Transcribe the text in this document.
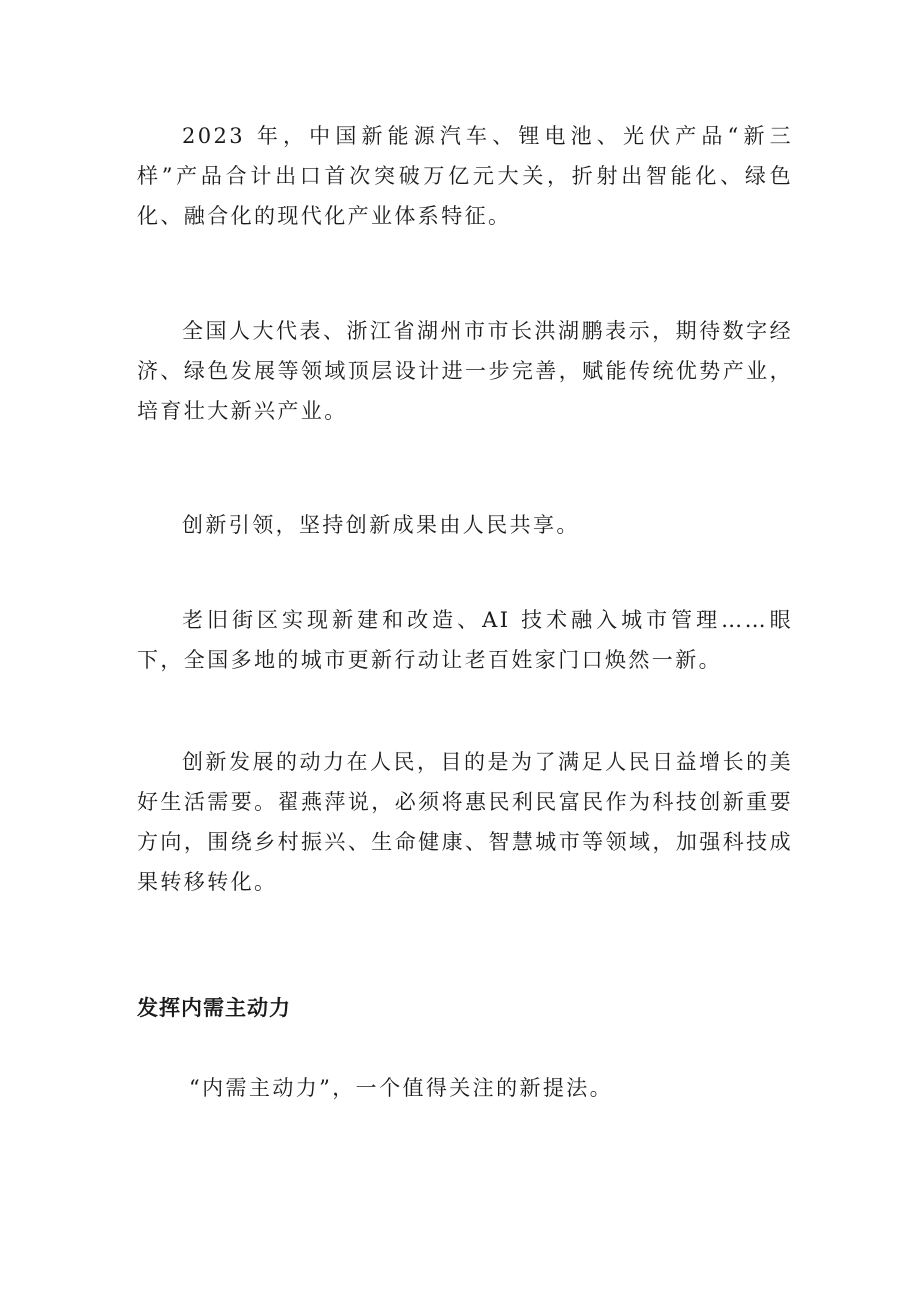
2023 年，中国新能源汽车、锂电池、光伏产品“新三样”产品合计出口首次突破万亿元大关，折射出智能化、绿色化、融合化的现代化产业体系特征。

全国人大代表、浙江省湖州市市长洪湖鹏表示，期待数字经济、绿色发展等领域顶层设计进一步完善，赋能传统优势产业，培育壮大新兴产业。

创新引领，坚持创新成果由人民共享。

老旧街区实现新建和改造、AI 技术融入城市管理……眼下，全国多地的城市更新行动让老百姓家门口焕然一新。

创新发展的动力在人民，目的是为了满足人民日益增长的美好生活需要。翟燕萍说，必须将惠民利民富民作为科技创新重要方向，围绕乡村振兴、生命健康、智慧城市等领域，加强科技成果转移转化。

发挥内需主动力

“内需主动力”，一个值得关注的新提法。
